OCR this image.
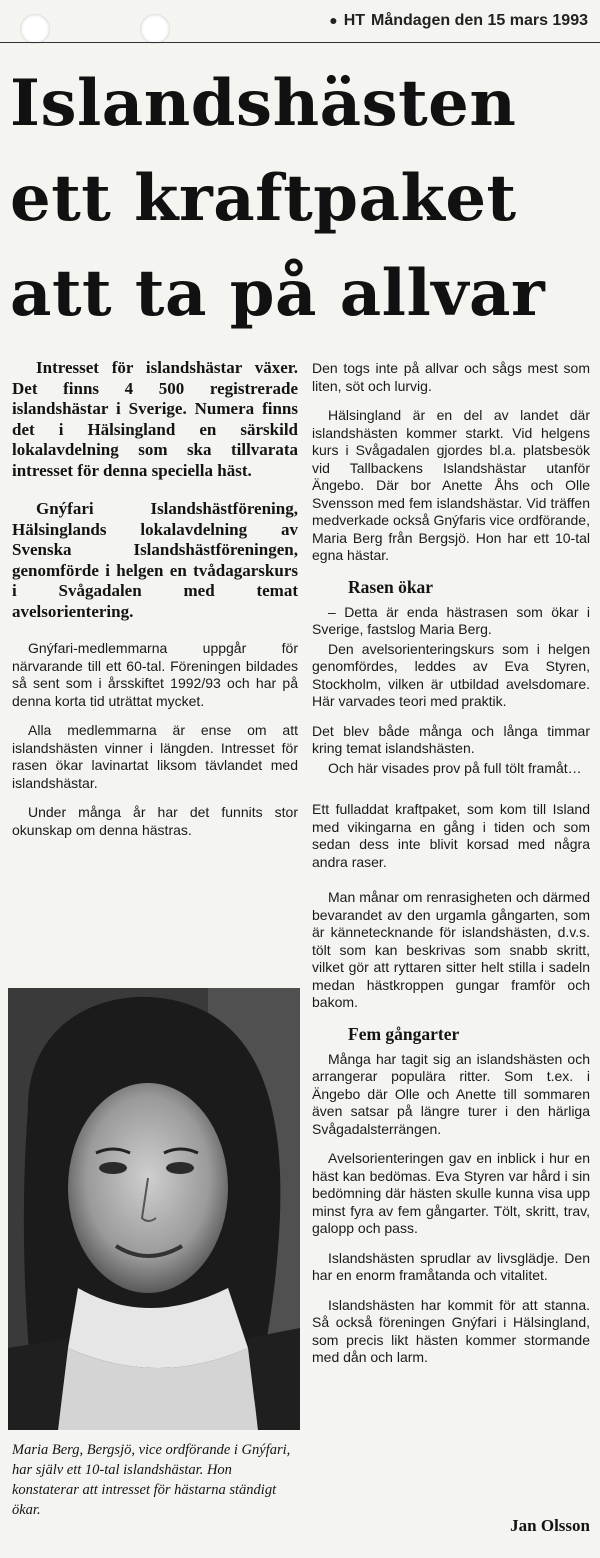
● HT Måndagen den 15 mars 1993
Islandshästen
ett kraftpaket
att ta på allvar

Intresset för islandshästar växer. Det finns 4 500 registrerade islandshästar i Sverige. Numera finns det i Hälsingland en särskild lokalavdelning som ska tillvarata intresset för denna speciella häst.

Gnýfari Islandshästförening, Hälsinglands lokalavdelning av Svenska Islandshästföreningen, genomförde i helgen en tvådagarskurs i Svågadalen med temat avelsorientering.

Gnýfari-medlemmarna uppgår för närvarande till ett 60-tal. Föreningen bildades så sent som i årsskiftet 1992/93 och har på denna korta tid uträttat mycket.

Alla medlemmarna är ense om att islandshästen vinner i längden. Intresset för rasen ökar lavinartat liksom tävlandet med islandshästar.

Under många år har det funnits stor okunskap om denna hästras.

Maria Berg, Bergsjö, vice ordförande i Gnýfari, har själv ett 10-tal islandshästar. Hon konstaterar att intresset för hästarna ständigt ökar.

Den togs inte på allvar och sågs mest som liten, söt och lurvig.

Hälsingland är en del av landet där islandshästen kommer starkt. Vid helgens kurs i Svågadalen gjordes bl.a. platsbesök vid Tallbackens Islandshästar utanför Ängebo. Där bor Anette Åhs och Olle Svensson med fem islandshästar. Vid träffen medverkade också Gnýfaris vice ordförande, Maria Berg från Bergsjö. Hon har ett 10-tal egna hästar.

Rasen ökar

– Detta är enda hästrasen som ökar i Sverige, fastslog Maria Berg.

Den avelsorienteringskurs som i helgen genomfördes, leddes av Eva Styren, Stockholm, vilken är utbildad avelsdomare. Här varvades teori med praktik.

Det blev både många och långa timmar kring temat islandshästen.

Och här visades prov på full tölt framåt…

Ett fulladdat kraftpaket, som kom till Island med vikingarna en gång i tiden och som sedan dess inte blivit korsad med några andra raser.

Man månar om renrasigheten och därmed bevarandet av den urgamla gångarten, som är kännetecknande för islandshästen, d.v.s. tölt som kan beskrivas som snabb skritt, vilket gör att ryttaren sitter helt stilla i sadeln medan hästkroppen gungar framför och bakom.

Fem gångarter

Många har tagit sig an islandshästen och arrangerar populära ritter. Som t.ex. i Ängebo där Olle och Anette till sommaren även satsar på längre turer i den härliga Svågadalsterrängen.

Avelsorienteringen gav en inblick i hur en häst kan bedömas. Eva Styren var hård i sin bedömning där hästen skulle kunna visa upp minst fyra av fem gångarter. Tölt, skritt, trav, galopp och pass.

Islandshästen sprudlar av livsglädje. Den har en enorm framåtanda och vitalitet.

Islandshästen har kommit för att stanna. Så också föreningen Gnýfari i Hälsingland, som precis likt hästen kommer stormande med dån och larm.

Jan Olsson
